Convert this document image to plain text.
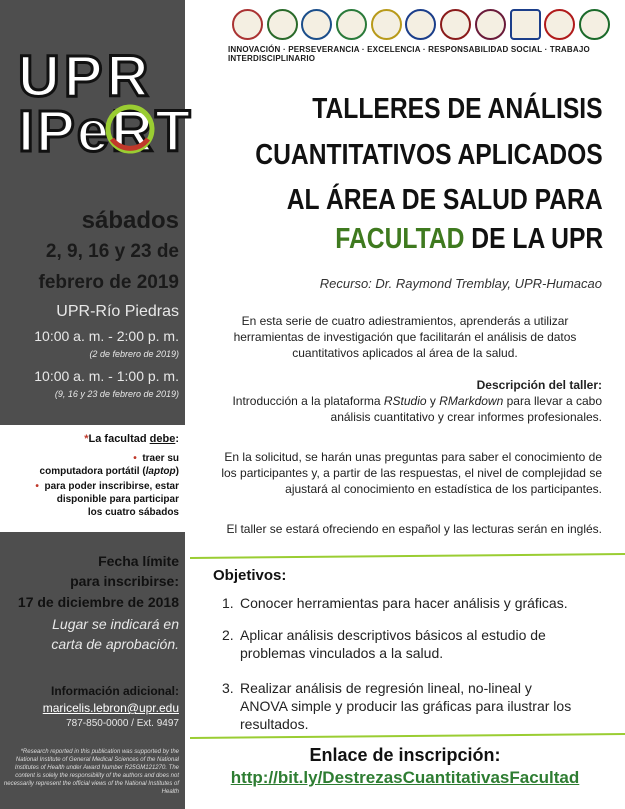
UPR
IPeRT
sábados
2, 9, 16 y 23 de
febrero de 2019
UPR-Río Piedras
10:00 a. m. - 2:00 p. m.
(2 de febrero de 2019)
10:00 a. m. - 1:00 p. m.
(9, 16 y 23 de febrero de 2019)
*La facultad debe:
• traer su
computadora portátil (laptop)
• para poder inscribirse, estar
disponible para participar
los cuatro sábados
Fecha límite
para inscribirse:
17 de diciembre de 2018
Lugar se indicará en
carta de aprobación.
Información adicional:
maricelis.lebron@upr.edu
787-850-0000 / Ext. 9497
*Research reported in this publication was supported by the National Institute of General Medical Sciences of the National Institutes of Health under Award Number R25GM121270. The content is solely the responsibility of the authors and does not necessarily represent the official views of the National Institutes of Health
INNOVACIÓN · PERSEVERANCIA · EXCELENCIA · RESPONSABILIDAD SOCIAL · TRABAJO INTERDISCIPLINARIO
TALLERES DE ANÁLISIS
CUANTITATIVOS APLICADOS
AL ÁREA DE SALUD PARA
FACULTAD DE LA UPR
Recurso: Dr. Raymond Tremblay, UPR-Humacao
En esta serie de cuatro adiestramientos, aprenderás a utilizar herramientas de investigación que facilitarán el análisis de datos cuantitativos aplicados al área de la salud.
Descripción del taller:
Introducción a la plataforma RStudio y RMarkdown para llevar a cabo análisis cuantitativo y crear informes profesionales.
En la solicitud, se harán unas preguntas para saber el conocimiento de los participantes y, a partir de las respuestas, el nivel de complejidad se ajustará al conocimiento en estadística de los participantes.
El taller se estará ofreciendo en español y las lecturas serán en inglés.
Objetivos:
1. Conocer herramientas para hacer análisis y gráficas.
2. Aplicar análisis descriptivos básicos al estudio de
problemas vinculados a la salud.
3. Realizar análisis de regresión lineal, no-lineal y
ANOVA simple y producir las gráficas para ilustrar los
resultados.
Enlace de inscripción:
http://bit.ly/DestrezasCuantitativasFacultad
